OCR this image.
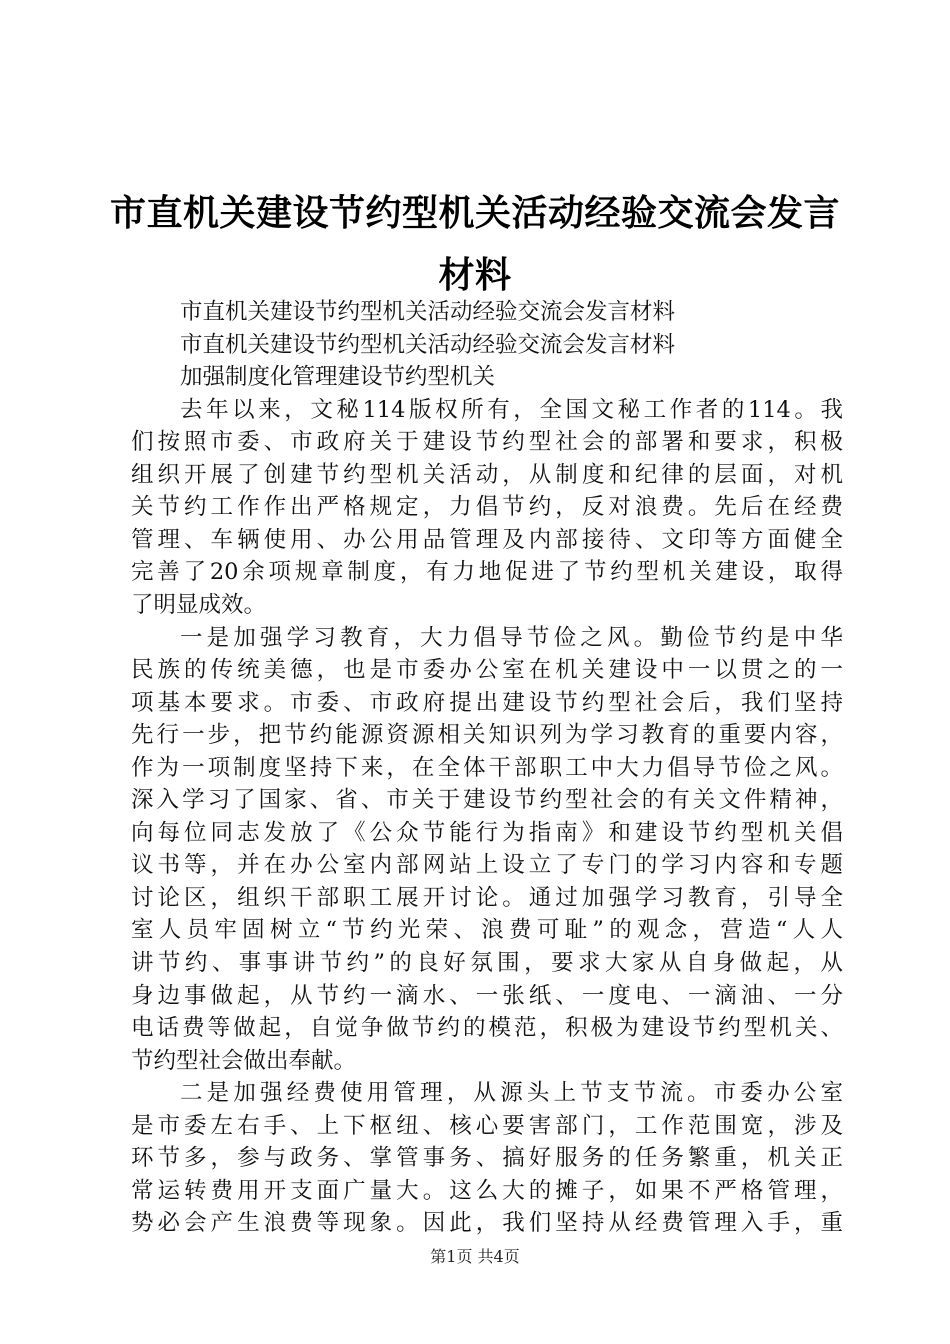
市直机关建设节约型机关活动经验交流会发言
材料
市直机关建设节约型机关活动经验交流会发言材料
市直机关建设节约型机关活动经验交流会发言材料
加强制度化管理建设节约型机关
去年以来，文秘114版权所有，全国文秘工作者的114。我
们按照市委、市政府关于建设节约型社会的部署和要求，积极
组织开展了创建节约型机关活动，从制度和纪律的层面，对机
关节约工作作出严格规定，力倡节约，反对浪费。先后在经费
管理、车辆使用、办公用品管理及内部接待、文印等方面健全
完善了20余项规章制度，有力地促进了节约型机关建设，取得
了明显成效。
一是加强学习教育，大力倡导节俭之风。勤俭节约是中华
民族的传统美德，也是市委办公室在机关建设中一以贯之的一
项基本要求。市委、市政府提出建设节约型社会后，我们坚持
先行一步，把节约能源资源相关知识列为学习教育的重要内容，
作为一项制度坚持下来，在全体干部职工中大力倡导节俭之风。
深入学习了国家、省、市关于建设节约型社会的有关文件精神，
向每位同志发放了《公众节能行为指南》和建设节约型机关倡
议书等，并在办公室内部网站上设立了专门的学习内容和专题
讨论区，组织干部职工展开讨论。通过加强学习教育，引导全
室人员牢固树立“节约光荣、浪费可耻”的观念，营造“人人
讲节约、事事讲节约”的良好氛围，要求大家从自身做起，从
身边事做起，从节约一滴水、一张纸、一度电、一滴油、一分
电话费等做起，自觉争做节约的模范，积极为建设节约型机关、
节约型社会做出奉献。
二是加强经费使用管理，从源头上节支节流。市委办公室
是市委左右手、上下枢纽、核心要害部门，工作范围宽，涉及
环节多，参与政务、掌管事务、搞好服务的任务繁重，机关正
常运转费用开支面广量大。这么大的摊子，如果不严格管理，
势必会产生浪费等现象。因此，我们坚持从经费管理入手，重
第1页 共4页
